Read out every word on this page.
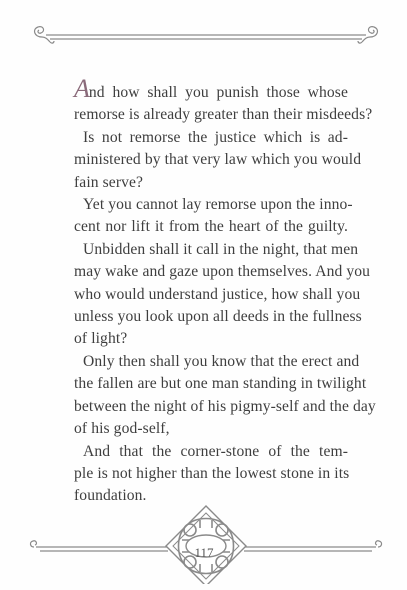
And how shall you punish those whose
remorse is already greater than their misdeeds?
Is not remorse the justice which is ad-
ministered by that very law which you would
fain serve?
Yet you cannot lay remorse upon the inno-
cent nor lift it from the heart of the guilty.
Unbidden shall it call in the night, that men
may wake and gaze upon themselves. And you
who would understand justice, how shall you
unless you look upon all deeds in the fullness
of light?
Only then shall you know that the erect and
the fallen are but one man standing in twilight
between the night of his pigmy-self and the day
of his god-self,
And that the corner-stone of the tem-
ple is not higher than the lowest stone in its
foundation.
117
